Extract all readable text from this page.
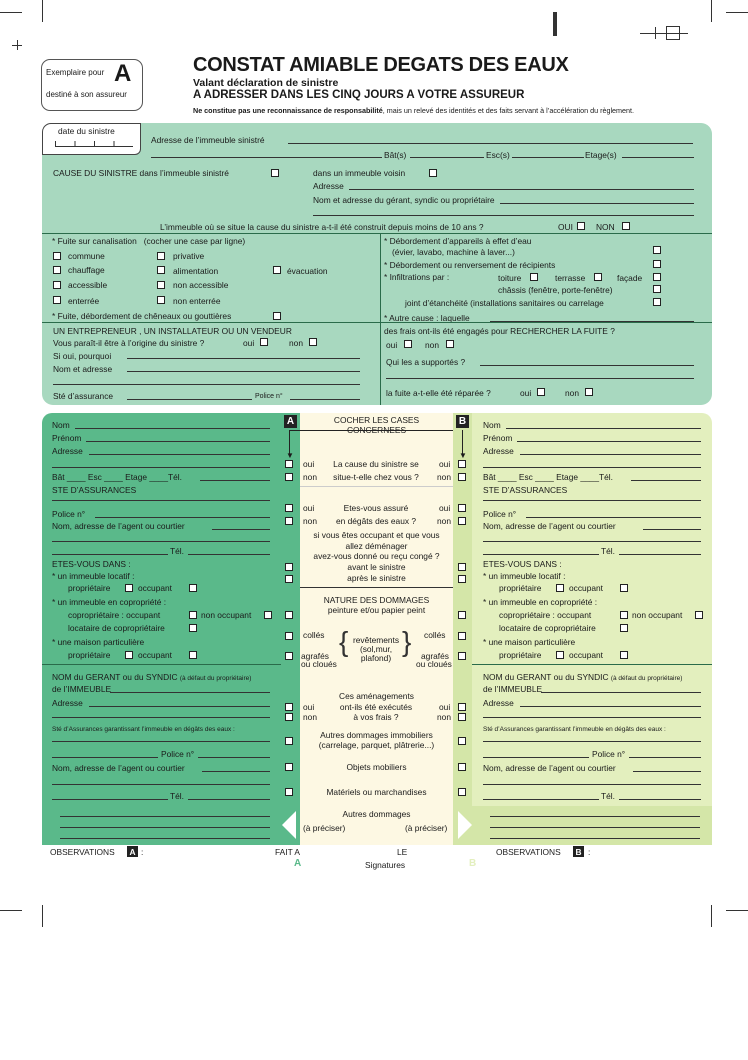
Exemplaire pour A
destiné à son assureur
CONSTAT AMIABLE DEGATS DES EAUX
Valant déclaration de sinistre
A ADRESSER DANS LES CINQ JOURS A VOTRE ASSUREUR
Ne constitue pas une reconnaissance de responsabilité, mais un relevé des identités et des faits servant à l’accélération du règlement.
date du sinistre
Adresse de l’immeuble sinistré
Bât(s)	Esc(s)	Etage(s)
CAUSE DU SINISTRE dans l’immeuble sinistré	dans un immeuble voisin
Adresse
Nom et adresse du gérant, syndic ou propriétaire
L’immeuble où se situe la cause du sinistre a-t-il été construit depuis moins de 10 ans ?	OUI	NON
* Fuite sur canalisation (cocher une case par ligne)
commune	privative
chauffage	alimentation	évacuation
accessible	non accessible
enterrée	non enterrée
* Fuite, débordement de chêneaux ou gouttières
* Débordement d’appareils à effet d’eau
(évier, lavabo, machine à laver...)
* Débordement ou renversement de récipients
* Infiltrations par :	toiture	terrasse	façade
châssis (fenêtre, porte-fenêtre)
joint d’étanchéité (installations sanitaires ou carrelage
* Autre cause : laquelle
UN ENTREPRENEUR , UN INSTALLATEUR OU UN VENDEUR
Vous paraît-il être à l’origine du sinistre ?	oui	non
Si oui, pourquoi
Nom et adresse
Sté d’assurance	Police n°
des frais ont-ils été engagés pour RECHERCHER LA FUITE ?
oui	non
Qui les a supportés ?
la fuite a-t-elle été réparée ?	oui	non
A	B
COCHER LES CASES
CONCERNEES
▼	▼
Nom
Prénom
Adresse
Bât ____ Esc ____ Etage ____Tél.
STE D’ASSURANCES
Police n°
Nom, adresse de l’agent ou courtier
Tél.
ETES-VOUS DANS :
* un immeuble locatif :
propriétaire	occupant
* un immeuble en copropriété :
copropriétaire : occupant	non occupant
locataire de copropriétaire
* une maison particulière
propriétaire	occupant
NOM du GERANT ou du SYNDIC (à défaut du propriétaire)
de l’IMMEUBLE
Adresse
Sté d’Assurances garantissant l’immeuble en dégâts des eaux :
Police n°
Nom, adresse de l’agent ou courtier
Tél.
Nom
Prénom
Adresse
Bât ____ Esc ____ Etage ____Tél.
STE D’ASSURANCES
Police n°
Nom, adresse de l’agent ou courtier
Tél.
ETES-VOUS DANS :
* un immeuble locatif :
propriétaire	occupant
* un immeuble en copropriété :
copropriétaire : occupant	non occupant
locataire de copropriétaire
* une maison particulière
propriétaire	occupant
NOM du GERANT ou du SYNDIC (à défaut du propriétaire)
de l’IMMEUBLE
Adresse
Sté d’Assurances garantissant l’immeuble en dégâts des eaux :
Police n°
Nom, adresse de l’agent ou courtier
Tél.
oui	La cause du sinistre se	oui
non	situe-t-elle chez vous ?	non
oui	Etes-vous assuré	oui
non	en dégâts des eaux ?	non
si vous êtes occupant et que vous
allez déménager
avez-vous donné ou reçu congé ?
avant le sinistre
après le sinistre
NATURE DES DOMMAGES
peinture et/ou papier peint
collés	collés
{ }
revêtements
(sol,mur,
plafond)
agrafés
ou cloués
agrafés
ou cloués
Ces aménagements
oui	ont-ils été exécutés	oui
non	à vos frais ?	non
Autres dommages immobiliers
(carrelage, parquet, plâtrerie...)
Objets mobiliers
Matériels ou marchandises
Autres dommages
(à préciser)	(à préciser)
OBSERVATIONS A :	FAIT A	LE
A	Signatures	B
OBSERVATIONS B :
